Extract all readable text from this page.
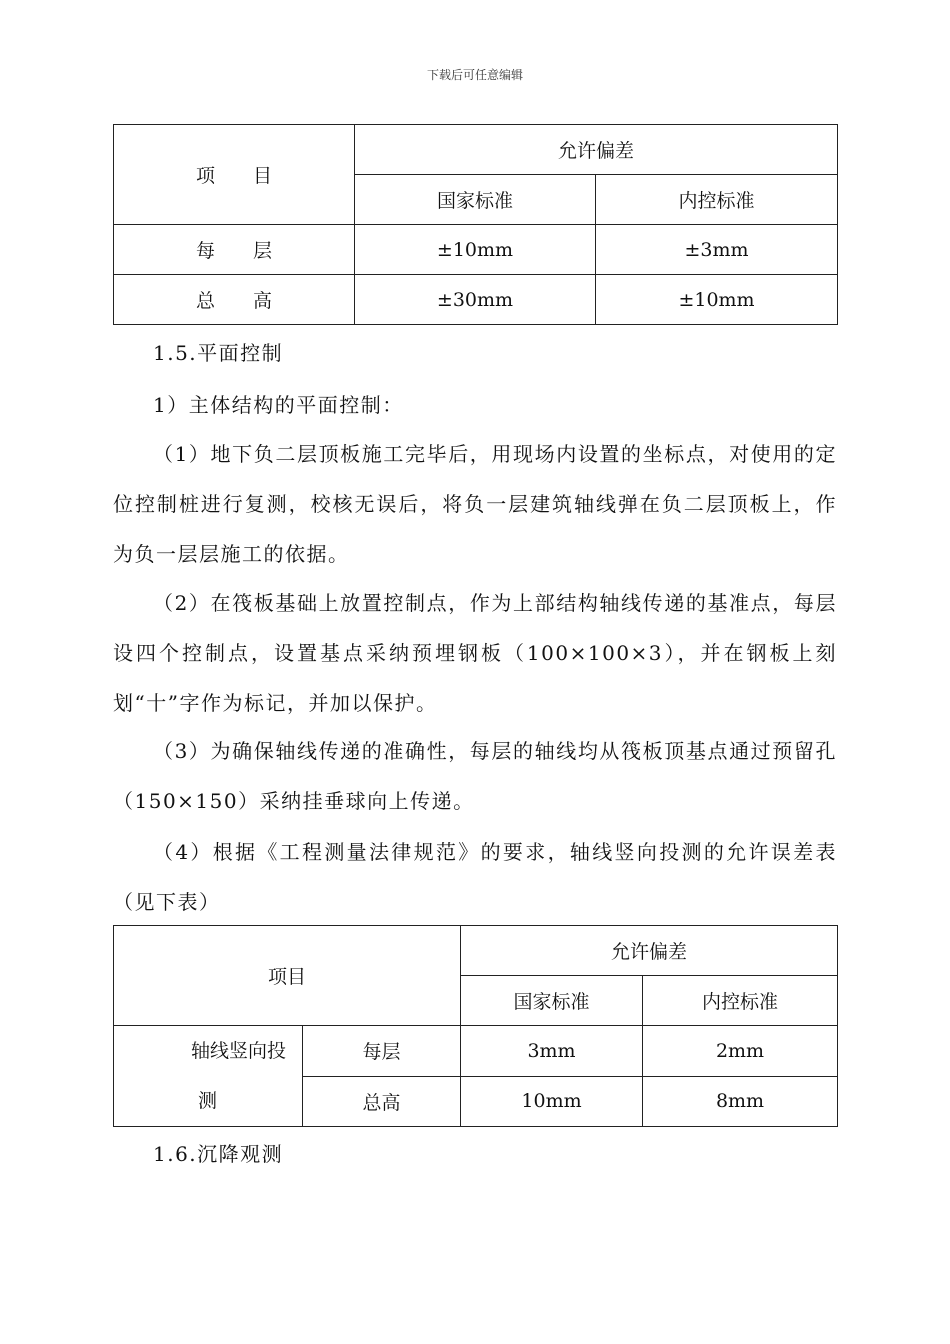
下载后可任意编辑
项　　目	允许偏差	
	国家标准	内控标准
每　　层	±10mm	±3mm
总　　高	±30mm	±10mm

1.5.平面控制

1）主体结构的平面控制：

（1）地下负二层顶板施工完毕后，用现场内设置的坐标点，对使用的定位控制桩进行复测，校核无误后，将负一层建筑轴线弹在负二层顶板上，作为负一层层施工的依据。

（2）在筏板基础上放置控制点，作为上部结构轴线传递的基准点，每层设四个控制点，设置基点采纳预埋钢板（100×100×3），并在钢板上刻划“十”字作为标记，并加以保护。

（3）为确保轴线传递的准确性，每层的轴线均从筏板顶基点通过预留孔（150×150）采纳挂垂球向上传递。

（4）根据《工程测量法律规范》的要求，轴线竖向投测的允许误差表（见下表）

项目		允许偏差	
		国家标准	内控标准

轴线竖向投
测	每层	3mm	2mm
	总高	10mm	8mm

1.6.沉降观测
